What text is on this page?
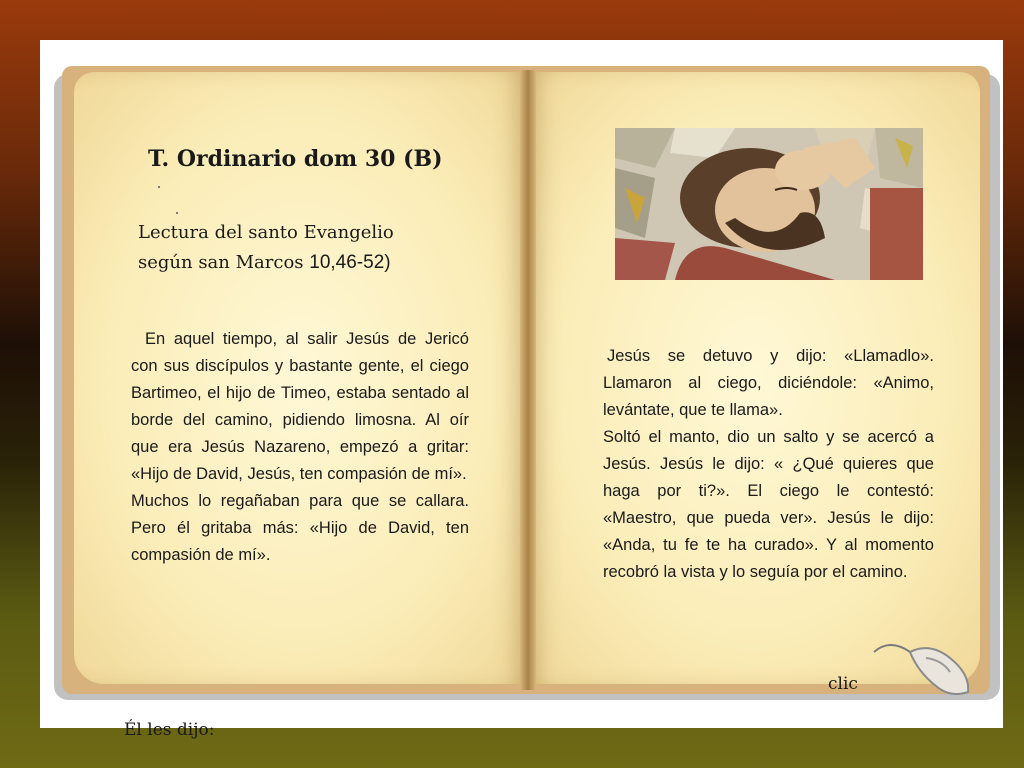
T. Ordinario dom 30 (B)
Lectura del santo Evangelio
según san Marcos 10,46-52)

En aquel tiempo, al salir Jesús de Jericó con sus discípulos y bastante gente, el ciego Bartimeo, el hijo de Timeo, estaba sentado al borde del camino, pidiendo limosna. Al oír que era Jesús Nazareno, empezó a gritar: «Hijo de David, Jesús, ten compasión de mí».

Muchos lo regañaban para que se callara. Pero él gritaba más: «Hijo de David, ten compasión de mí».

Jesús se detuvo y dijo: «Llamadlo». Llamaron al ciego, diciéndole: «Animo, levántate, que te llama».

Soltó el manto, dio un salto y se acercó a Jesús. Jesús le dijo: « ¿Qué quieres que haga por ti?». El ciego le contestó: «Maestro, que pueda ver». Jesús le dijo: «Anda, tu fe te ha curado». Y al momento recobró la vista y lo seguía por el camino.

Él les dijo:
clic
